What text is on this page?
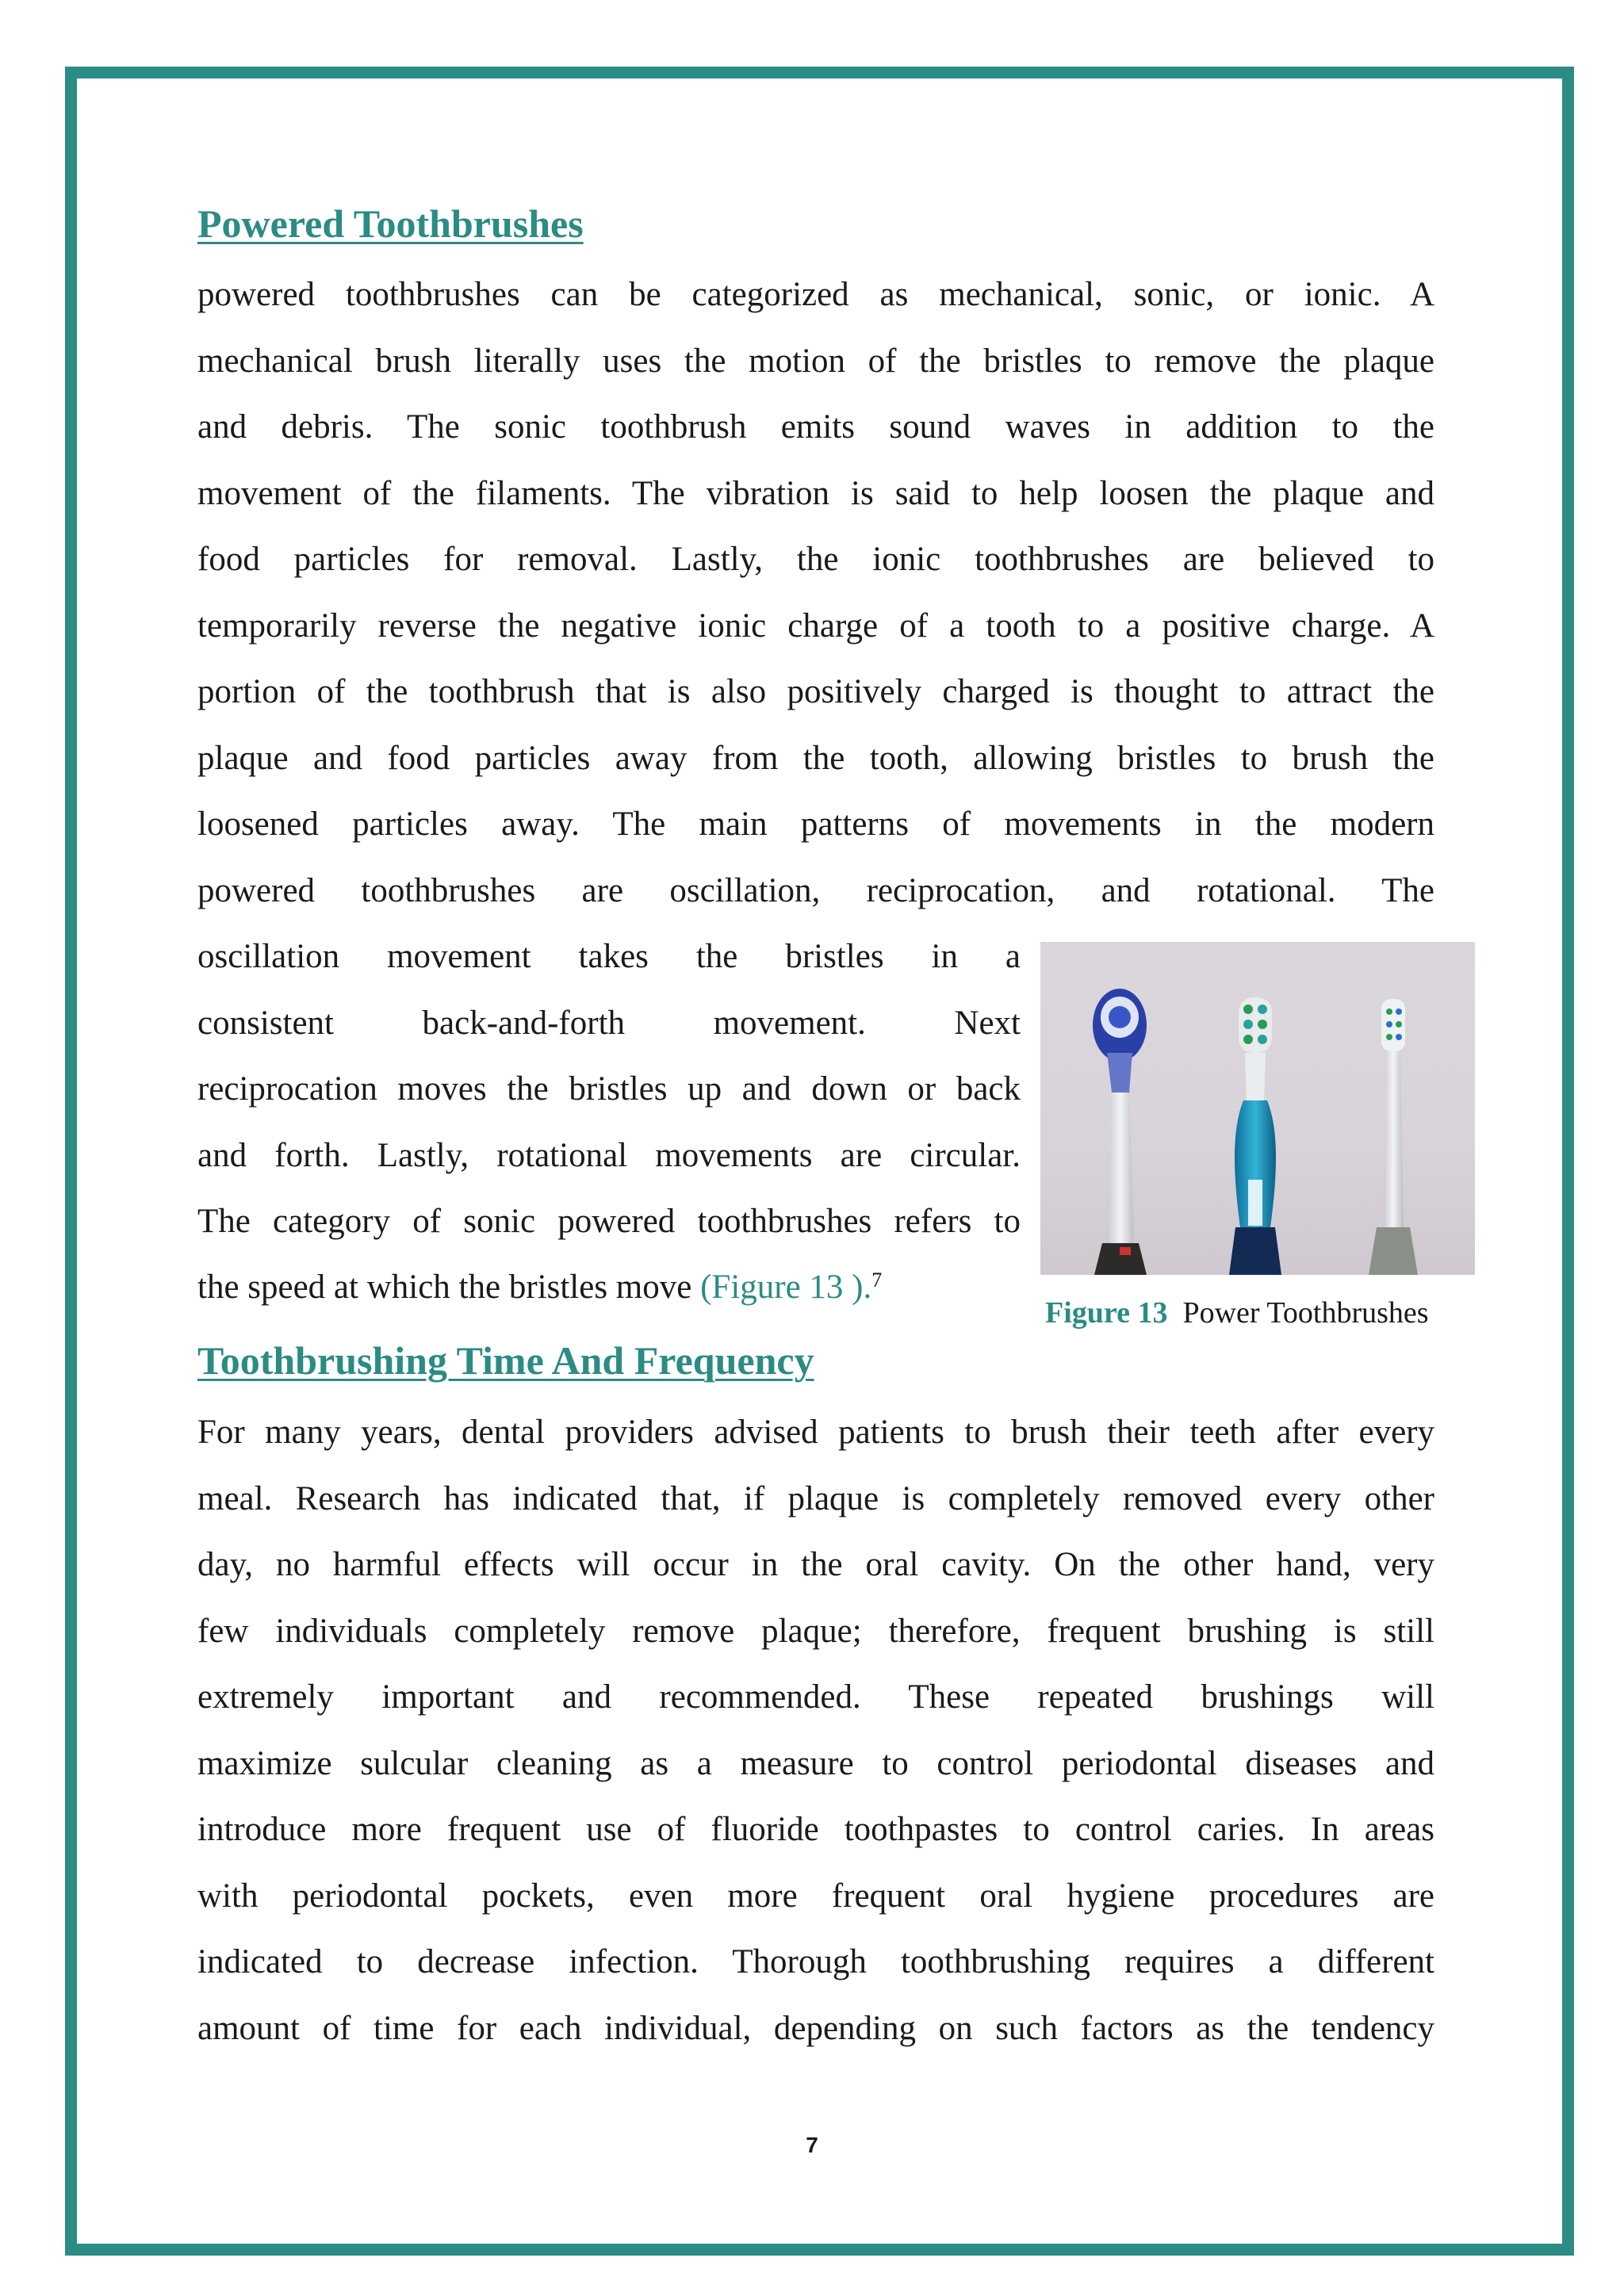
Powered Toothbrushes
powered toothbrushes can be categorized as mechanical, sonic, or ionic. A
mechanical brush literally uses the motion of the bristles to remove the plaque
and debris. The sonic toothbrush emits sound waves in addition to the
movement of the filaments. The vibration is said to help loosen the plaque and
food particles for removal. Lastly, the ionic toothbrushes are believed to
temporarily reverse the negative ionic charge of a tooth to a positive charge. A
portion of the toothbrush that is also positively charged is thought to attract the
plaque and food particles away from the tooth, allowing bristles to brush the
loosened particles away. The main patterns of movements in the modern
powered toothbrushes are oscillation, reciprocation, and rotational. The
oscillation movement takes the bristles in a
consistent back-and-forth movement. Next
reciprocation moves the bristles up and down or back
and forth. Lastly, rotational movements are circular.
The category of sonic powered toothbrushes refers to
the speed at which the bristles move (Figure 13 ).$^7$
Toothbrushing Time And Frequency
For many years, dental providers advised patients to brush their teeth after every
meal. Research has indicated that, if plaque is completely removed every other
day, no harmful effects will occur in the oral cavity. On the other hand, very
few individuals completely remove plaque; therefore, frequent brushing is still
extremely important and recommended. These repeated brushings will
maximize sulcular cleaning as a measure to control periodontal diseases and
introduce more frequent use of fluoride toothpastes to control caries. In areas
with periodontal pockets, even more frequent oral hygiene procedures are
indicated to decrease infection. Thorough toothbrushing requires a different
amount of time for each individual, depending on such factors as the tendency
Figure 13 Power Toothbrushes
7
